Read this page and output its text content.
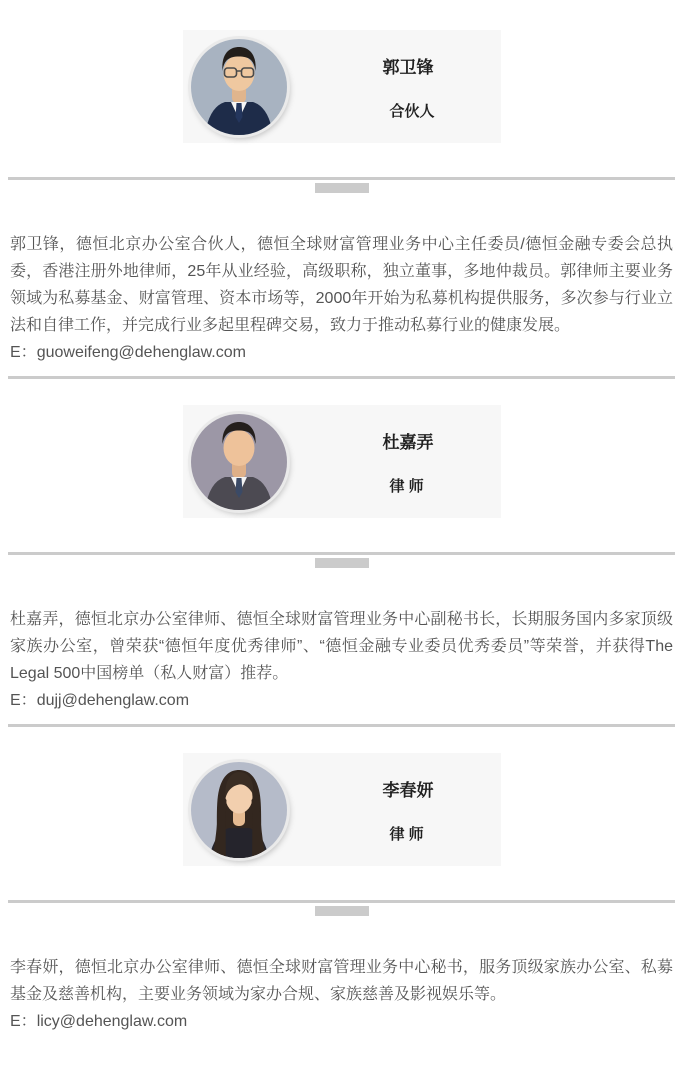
郭卫锋
合伙人

郭卫锋，德恒北京办公室合伙人，德恒全球财富管理业务中心主任委员/德恒金融专委会总执委，香港注册外地律师，25年从业经验，高级职称，独立董事，多地仲裁员。郭律师主要业务领域为私募基金、财富管理、资本市场等，2000年开始为私募机构提供服务，多次参与行业立法和自律工作，并完成行业多起里程碑交易，致力于推动私募行业的健康发展。
E：guoweifeng@dehenglaw.com

杜嘉弄
律 师

杜嘉弄，德恒北京办公室律师、德恒全球财富管理业务中心副秘书长，长期服务国内多家顶级家族办公室，曾荣获“德恒年度优秀律师”、“德恒金融专业委员优秀委员”等荣誉，并获得The Legal 500中国榜单（私人财富）推荐。
E：dujj@dehenglaw.com

李春妍
律 师

李春妍，德恒北京办公室律师、德恒全球财富管理业务中心秘书，服务顶级家族办公室、私募基金及慈善机构，主要业务领域为家办合规、家族慈善及影视娱乐等。
E：licy@dehenglaw.com
